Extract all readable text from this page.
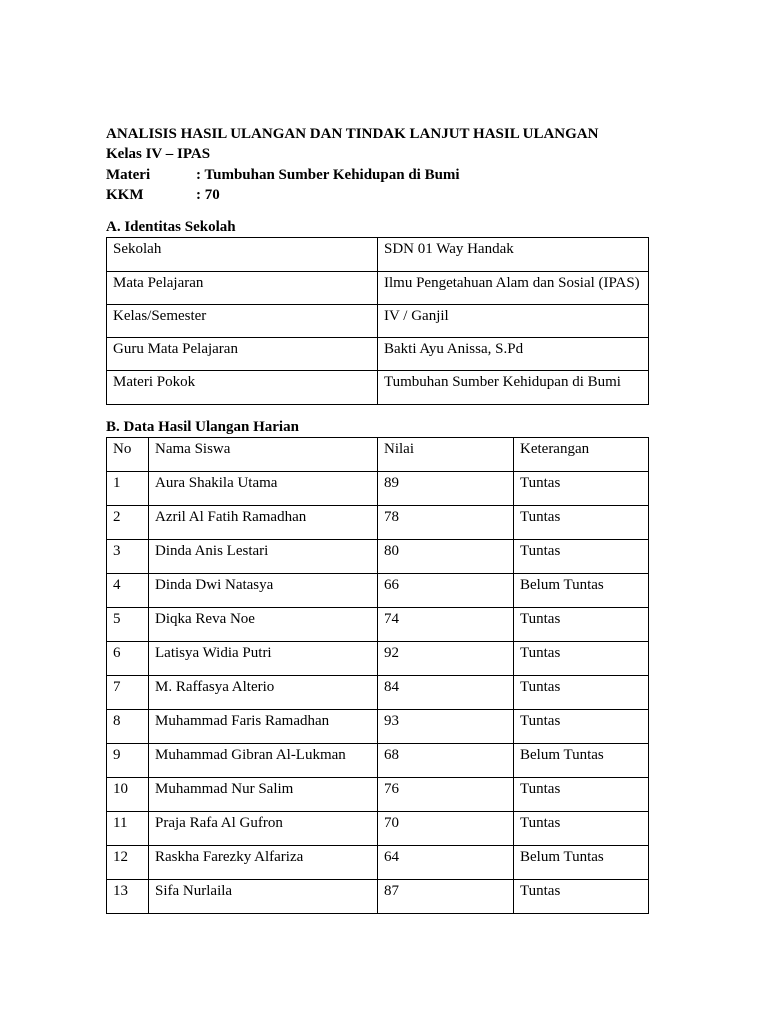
ANALISIS HASIL ULANGAN DAN TINDAK LANJUT HASIL ULANGAN
Kelas IV – IPAS
Materi	: Tumbuhan Sumber Kehidupan di Bumi
KKM	: 70
A. Identitas Sekolah
Sekolah	SDN 01 Way Handak
Mata Pelajaran	Ilmu Pengetahuan Alam dan Sosial (IPAS)
Kelas/Semester	IV / Ganjil
Guru Mata Pelajaran	Bakti Ayu Anissa, S.Pd
Materi Pokok	Tumbuhan Sumber Kehidupan di Bumi
B. Data Hasil Ulangan Harian
No	Nama Siswa	Nilai	Keterangan
1	Aura Shakila Utama	89	Tuntas
2	Azril Al Fatih Ramadhan	78	Tuntas
3	Dinda Anis Lestari	80	Tuntas
4	Dinda Dwi Natasya	66	Belum Tuntas
5	Diqka Reva Noe	74	Tuntas
6	Latisya Widia Putri	92	Tuntas
7	M. Raffasya Alterio	84	Tuntas
8	Muhammad Faris Ramadhan	93	Tuntas
9	Muhammad Gibran Al-Lukman	68	Belum Tuntas
10	Muhammad Nur Salim	76	Tuntas
11	Praja Rafa Al Gufron	70	Tuntas
12	Raskha Farezky Alfariza	64	Belum Tuntas
13	Sifa Nurlaila	87	Tuntas
